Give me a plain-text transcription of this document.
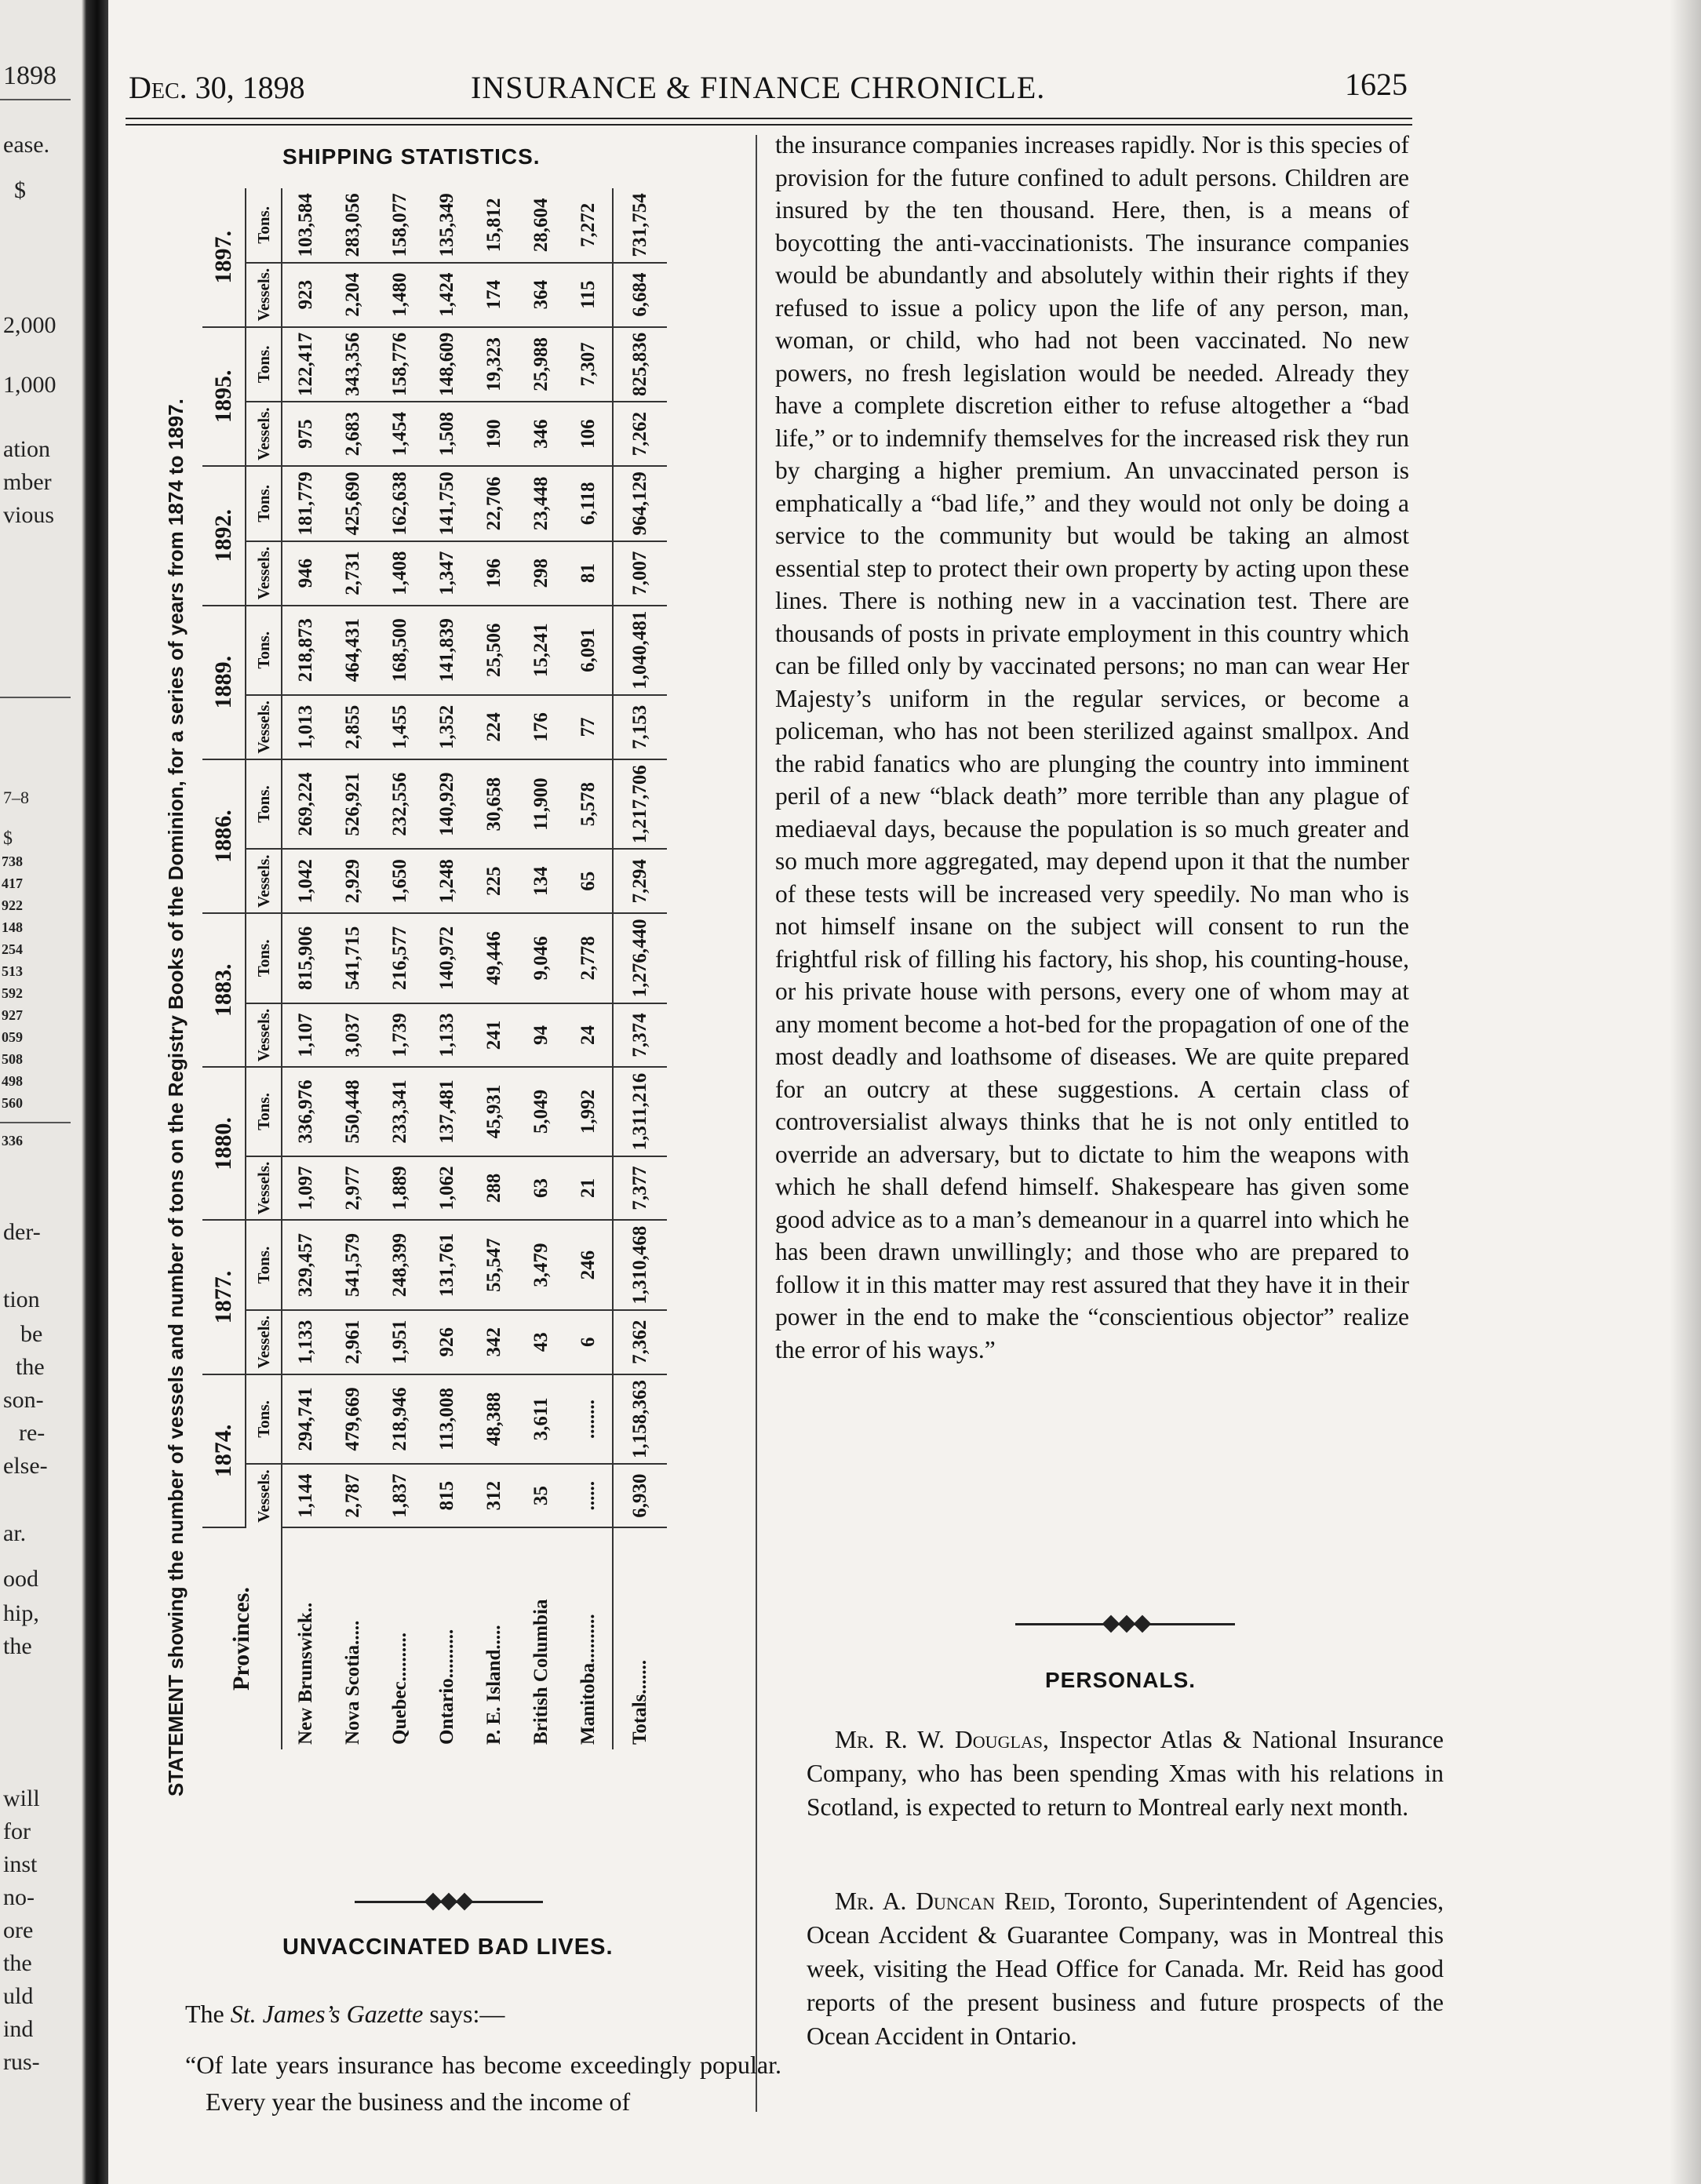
1898
ease.
$
2,000
1,000
ation
mber
vious
7–8
$
738
417
922
148
254
513
592
927
059
508
498
560
336
der-
tion
be
the
son-
re-
else-
ar.
ood
hip,
the
will
for
inst
no-
ore
the
uld
ind
rus-
Dec. 30, 1898	INSURANCE & FINANCE CHRONICLE.	1625
SHIPPING STATISTICS.
STATEMENT showing the number of vessels and number of tons on the Registry Books of the Dominion, for a series of years from 1874 to 1897.	Provinces.	1874.		1877.		1880.		1883.		1886.		1889.		1892.		1895.		1897.	
	Vessels.	Tons.	Vessels.	Tons.	Vessels.	Tons.	Vessels.	Tons.	Vessels.	Tons.	Vessels.	Tons.	Vessels.	Tons.	Vessels.	Tons.	Vessels.	Tons.
New Brunswick..	1,144	294,741	1,133	329,457	1,097	336,976	1,107	815,906	1,042	269,224	1,013	218,873	946	181,779	975	122,417	923	103,584
Nova Scotia.....	2,787	479,669	2,961	541,579	2,977	550,448	3,037	541,715	2,929	526,921	2,855	464,431	2,731	425,690	2,683	343,356	2,204	283,056
Quebec..........	1,837	218,946	1,951	248,399	1,889	233,341	1,739	216,577	1,650	232,556	1,455	168,500	1,408	162,638	1,454	158,776	1,480	158,077
Ontario..........	815	113,008	926	131,761	1,062	137,481	1,133	140,972	1,248	140,929	1,352	141,839	1,347	141,750	1,508	148,609	1,424	135,349
P. E. Island.....	312	48,388	342	55,547	288	45,931	241	49,446	225	30,658	224	25,506	196	22,706	190	19,323	174	15,812
British Columbia	35	3,611	43	3,479	63	5,049	94	9,046	134	11,900	176	15,241	298	23,448	346	25,988	364	28,604
Manitoba..........	......	........	6	246	21	1,992	24	2,778	65	5,578	77	6,091	81	6,118	106	7,307	115	7,272
Totals.......	6,930	1,158,363	7,362	1,310,468	7,377	1,311,216	7,374	1,276,440	7,294	1,217,706	7,153	1,040,481	7,007	964,129	7,262	825,836	6,684	731,754
UNVACCINATED BAD LIVES.

The St. James’s Gazette says:—

“Of late years insurance has become exceedingly popular. Every year the business and the income of

the insurance companies increases rapidly. Nor is this species of provision for the future confined to adult persons. Children are insured by the ten thousand. Here, then, is a means of boycotting the anti-vaccinationists. The insurance companies would be abundantly and absolutely within their rights if they refused to issue a policy upon the life of any person, man, woman, or child, who had not been vaccinated. No new powers, no fresh legislation would be needed. Already they have a complete discretion either to refuse altogether a “bad life,” or to indemnify themselves for the increased risk they run by charging a higher premium. An unvaccinated person is emphatically a “bad life,” and they would not only be doing a service to the community but would be taking an almost essential step to protect their own property by acting upon these lines. There is nothing new in a vaccination test. There are thousands of posts in private employment in this country which can be filled only by vaccinated persons; no man can wear Her Majesty’s uniform in the regular services, or become a policeman, who has not been sterilized against smallpox. And the rabid fanatics who are plunging the country into imminent peril of a new “black death” more terrible than any plague of mediaeval days, because the population is so much greater and so much more aggregated, may depend upon it that the number of these tests will be increased very speedily. No man who is not himself insane on the subject will consent to run the frightful risk of filling his factory, his shop, his counting-house, or his private house with persons, every one of whom may at any moment become a hot-bed for the propagation of one of the most deadly and loathsome of diseases. We are quite prepared for an outcry at these suggestions. A certain class of controversialist always thinks that he is not only entitled to override an adversary, but to dictate to him the weapons with which he shall defend himself. Shakespeare has given some good advice as to a man’s demeanour in a quarrel into which he has been drawn unwillingly; and those who are prepared to follow it in this matter may rest assured that they have it in their power in the end to make the “conscientious objector” realize the error of his ways.”

PERSONALS.

Mr. R. W. Douglas, Inspector Atlas & National Insurance Company, who has been spending Xmas with his relations in Scotland, is expected to return to Montreal early next month.

Mr. A. Duncan Reid, Toronto, Superintendent of Agencies, Ocean Accident & Guarantee Company, was in Montreal this week, visiting the Head Office for Canada. Mr. Reid has good reports of the present business and future prospects of the Ocean Accident in Ontario.
